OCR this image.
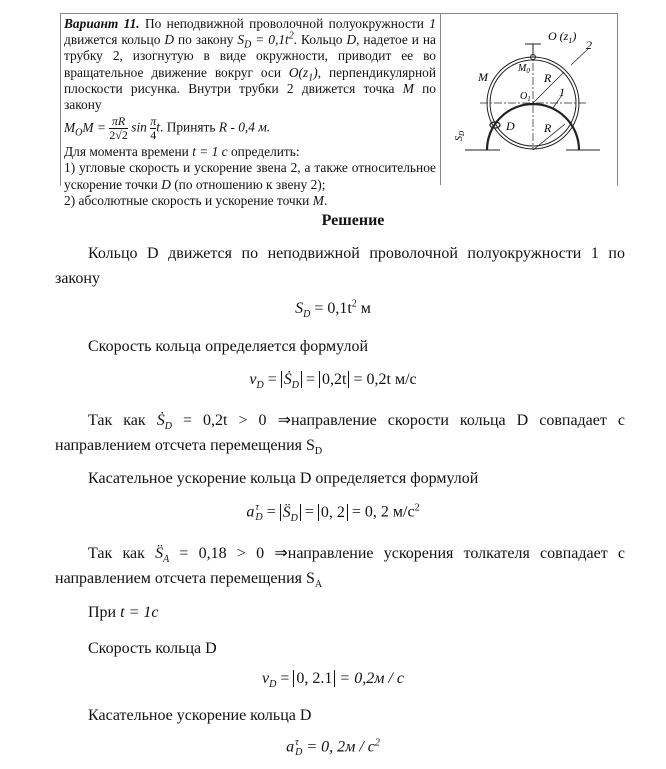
Вариант 11. По неподвижной проволочной полуокружности 1 движется кольцо D по закону $S_D = 0,1t^2$. Кольцо D, надетое и на трубку 2, изогнутую в виде окружности, приводит ее во вращательное движение вокруг оси $O(z_1)$, перпендикулярной плоскости рисунка. Внутри трубки 2 движется точка M по закону

$M_OM = \frac{\pi R}{2√2}$ $\sin \frac{\pi}{4} t$. Принять R - 0,4 м.

Для момента времени t = 1 c определить:

1) угловые скорость и ускорение звена 2, а также относительное ускорение точки D (по отношению к звену 2);

2) абсолютные скорость и ускорение точки M.

O $(z_1)$
2
1
M
$M_0$
$O_1$
R
R
D
$S_D$
Решение
Кольцо D движется по неподвижной проволочной полуокружности 1 по закону
$S_D = 0,1t^2$ м
Скорость кольца определяется формулой
$v_D$ = Ṡ$_D$ = 0,2t = 0,2t м/с
Так как Ṡ$_D$ = 0,2t > 0 ⇒направление скорости кольца D совпадает с направлением отсчета перемещения $S_D$
Касательное ускорение кольца D определяется формулой
a τ
$D = S̈_D = 0$, 2 = 0, 2 $м/с^2$
Так как $S̈_A = 0,18 > 0$ ⇒направление ускорения толкателя совпадает с направлением отсчета перемещения $S_A$
При t = 1c
Скорость кольца D
$v_D = 0$, 2.1 = 0,2м / с
Касательное ускорение кольца D
a τ
D = 0, $2м / с^2$
